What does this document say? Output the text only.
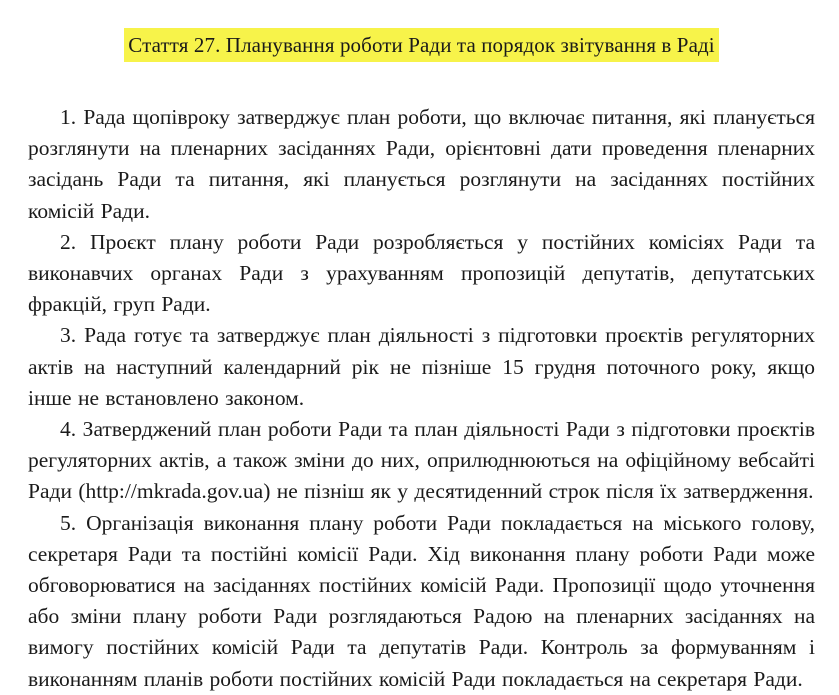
Стаття 27. Планування роботи Ради та порядок звітування в Раді

1. Рада щопівроку затверджує план роботи, що включає питання, які планується розглянути на пленарних засіданнях Ради, орієнтовні дати проведення пленарних засідань Ради та питання, які планується розглянути на засіданнях постійних комісій Ради.

2. Проєкт плану роботи Ради розробляється у постійних комісіях Ради та виконавчих органах Ради з урахуванням пропозицій депутатів, депутатських фракцій, груп Ради.

3. Рада готує та затверджує план діяльності з підготовки проєктів регуляторних актів на наступний календарний рік не пізніше 15 грудня поточного року, якщо інше не встановлено законом.

4. Затверджений план роботи Ради та план діяльності Ради з підготовки проєктів регуляторних актів, а також зміни до них, оприлюднюються на офіційному вебсайті Ради (http://mkrada.gov.ua) не пізніш як у десятиденний строк після їх затвердження.

5. Організація виконання плану роботи Ради покладається на міського голову, секретаря Ради та постійні комісії Ради. Хід виконання плану роботи Ради може обговорюватися на засіданнях постійних комісій Ради. Пропозиції щодо уточнення або зміни плану роботи Ради розглядаються Радою на пленарних засіданнях на вимогу постійних комісій Ради та депутатів Ради. Контроль за формуванням і виконанням планів роботи постійних комісій Ради покладається на секретаря Ради.
